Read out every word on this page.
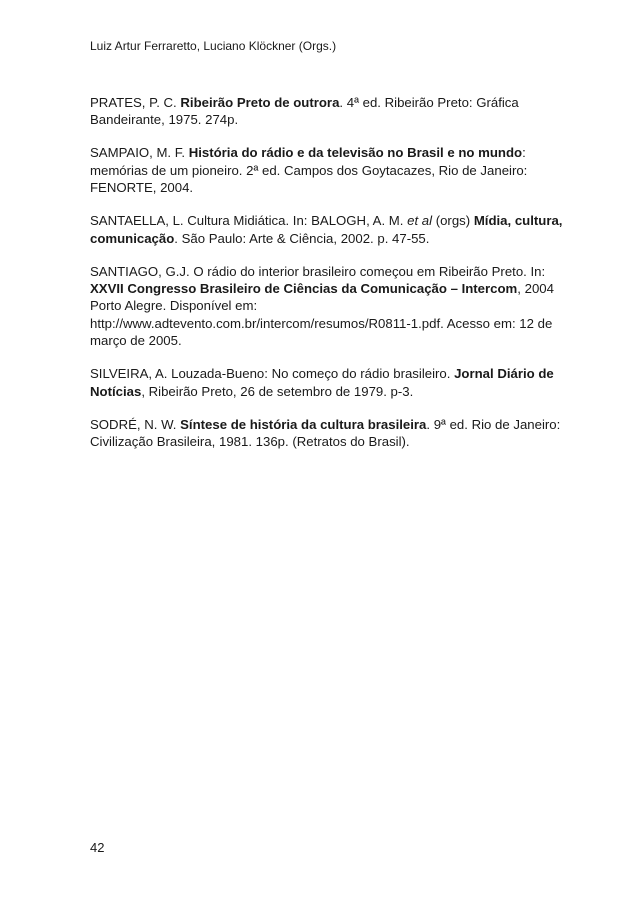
Luiz Artur Ferraretto, Luciano Klöckner (Orgs.)

PRATES, P. C. Ribeirão Preto de outrora. 4ª ed. Ribeirão Preto: Gráfica
Bandeirante, 1975. 274p.

SAMPAIO, M. F. História do rádio e da televisão no Brasil e no mundo:
memórias de um pioneiro. 2ª ed. Campos dos Goytacazes, Rio de Janeiro:
FENORTE, 2004.

SANTAELLA, L. Cultura Midiática. In: BALOGH, A. M. et al (orgs) Mídia, cultura,
comunicação. São Paulo: Arte & Ciência, 2002. p. 47-55.

SANTIAGO, G.J. O rádio do interior brasileiro começou em Ribeirão Preto. In:
XXVII Congresso Brasileiro de Ciências da Comunicação – Intercom, 2004
Porto Alegre. Disponível em:
http://www.adtevento.com.br/intercom/resumos/R0811-1.pdf. Acesso em: 12 de
março de 2005.

SILVEIRA, A. Louzada-Bueno: No começo do rádio brasileiro. Jornal Diário de
Notícias, Ribeirão Preto, 26 de setembro de 1979. p-3.

SODRÉ, N. W. Síntese de história da cultura brasileira. 9ª ed. Rio de Janeiro:
Civilização Brasileira, 1981. 136p. (Retratos do Brasil).

42
